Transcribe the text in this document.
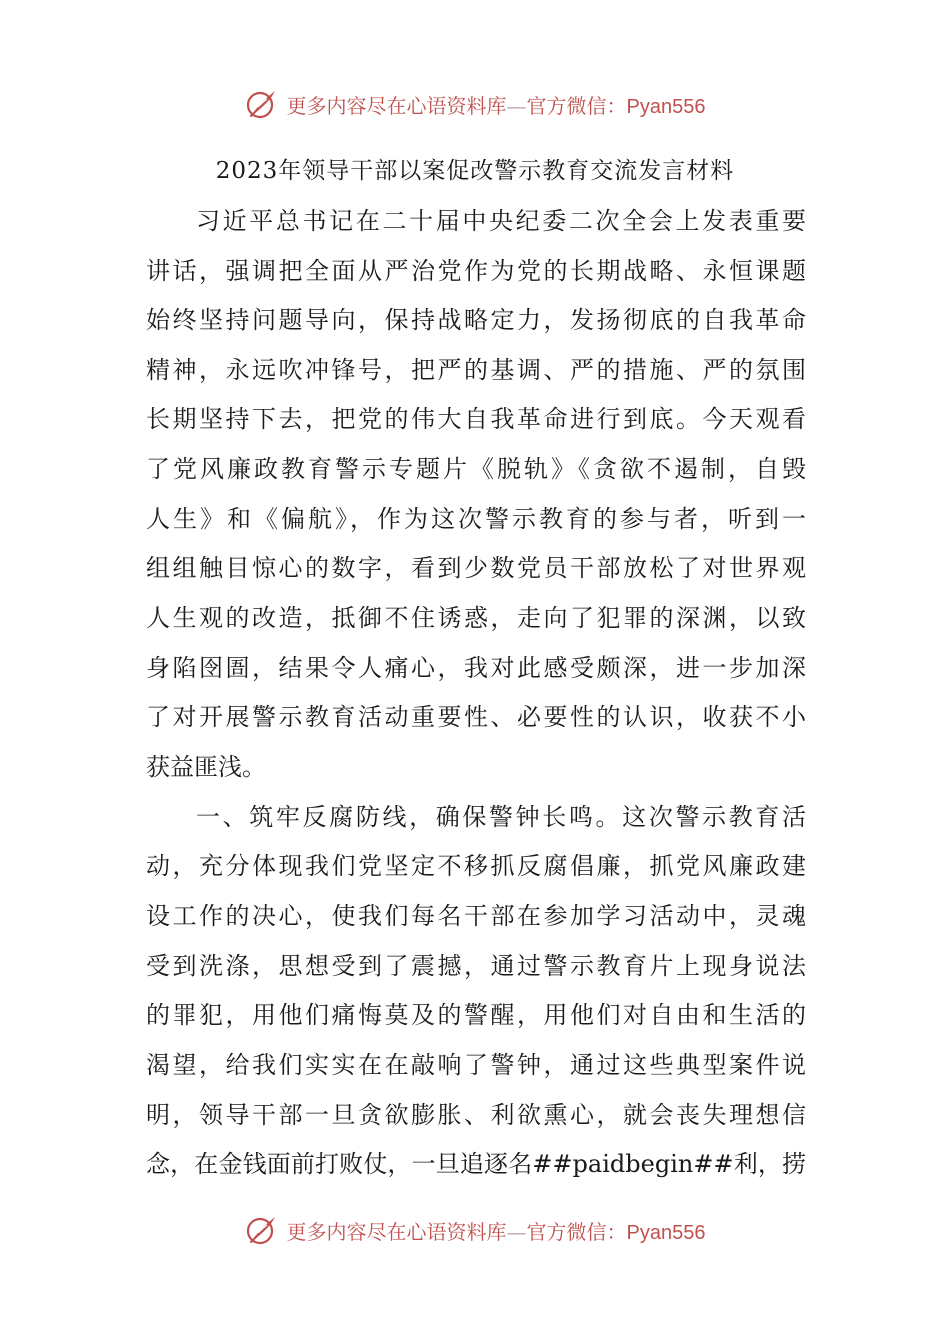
更多内容尽在心语资料库—官方微信：Pyan556
2023年领导干部以案促改警示教育交流发言材料
习近平总书记在二十届中央纪委二次全会上发表重要
讲话，强调把全面从严治党作为党的长期战略、永恒课题
始终坚持问题导向，保持战略定力，发扬彻底的自我革命
精神，永远吹冲锋号，把严的基调、严的措施、严的氛围
长期坚持下去，把党的伟大自我革命进行到底。今天观看
了党风廉政教育警示专题片《脱轨》《贪欲不遏制，自毁
人生》和《偏航》，作为这次警示教育的参与者，听到一
组组触目惊心的数字，看到少数党员干部放松了对世界观
人生观的改造，抵御不住诱惑，走向了犯罪的深渊，以致
身陷囹圄，结果令人痛心，我对此感受颇深，进一步加深
了对开展警示教育活动重要性、必要性的认识，收获不小
获益匪浅。
一、筑牢反腐防线，确保警钟长鸣。这次警示教育活
动，充分体现我们党坚定不移抓反腐倡廉，抓党风廉政建
设工作的决心，使我们每名干部在参加学习活动中，灵魂
受到洗涤，思想受到了震撼，通过警示教育片上现身说法
的罪犯，用他们痛悔莫及的警醒，用他们对自由和生活的
渴望，给我们实实在在敲响了警钟，通过这些典型案件说
明，领导干部一旦贪欲膨胀、利欲熏心，就会丧失理想信
念，在金钱面前打败仗，一旦追逐名##paidbegin##利，捞
更多内容尽在心语资料库—官方微信：Pyan556
